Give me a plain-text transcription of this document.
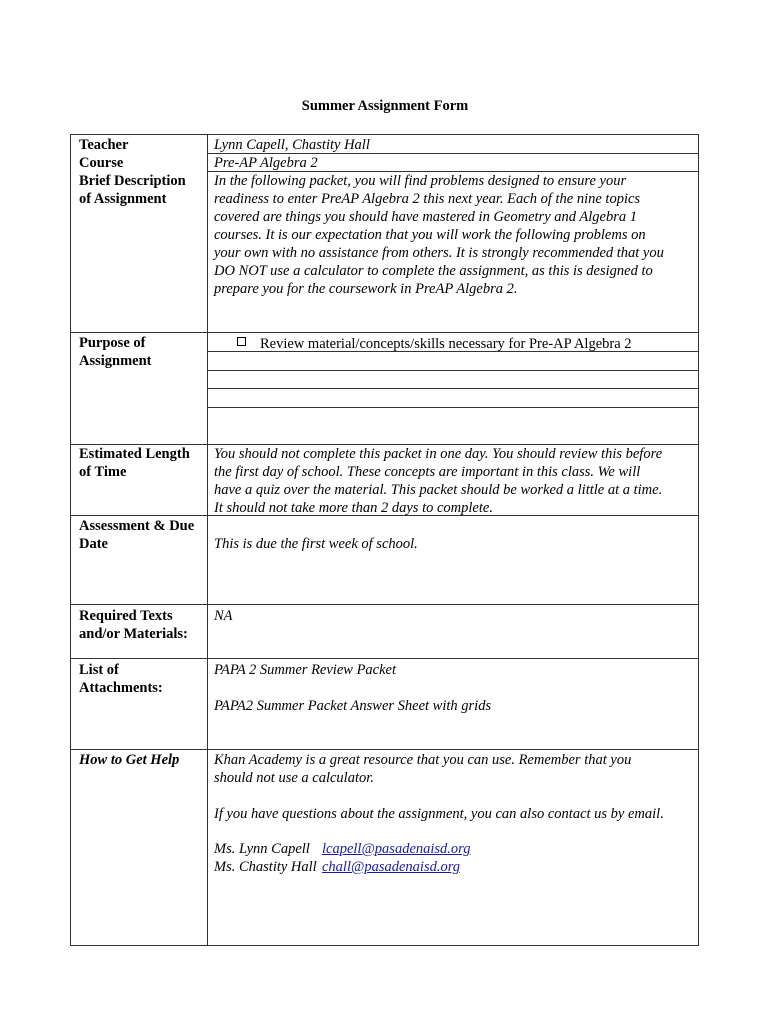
Summer Assignment Form
Teacher
Course
Brief Description
of Assignment
Lynn Capell, Chastity Hall
Pre-AP Algebra 2

In the following packet, you will find problems designed to ensure your

readiness to enter PreAP Algebra 2 this next year. Each of the nine topics

covered are things you should have mastered in Geometry and Algebra 1

courses. It is our expectation that you will work the following problems on

your own with no assistance from others. It is strongly recommended that you

DO NOT use a calculator to complete the assignment, as this is designed to

prepare you for the coursework in PreAP Algebra 2.

Purpose of
Assignment
Review material/concepts/skills necessary for Pre-AP Algebra 2
Estimated Length
of Time

You should not complete this packet in one day. You should review this before

the first day of school. These concepts are important in this class. We will

have a quiz over the material. This packet should be worked a little at a time.

It should not take more than 2 days to complete.

Assessment & Due
Date	This is due the first week of school.
Required Texts
and/or Materials:
NA
List of
Attachments:
PAPA 2 Summer Review Packet
PAPA2 Summer Packet Answer Sheet with grids
How to Get Help Khan Academy is a great resource that you can use. Remember that you

should not use a calculator.

If you have questions about the assignment, you can also contact us by email.
Ms. Lynn Capell lcapell@pasadenaisd.org
Ms. Chastity Hall chall@pasadenaisd.org
